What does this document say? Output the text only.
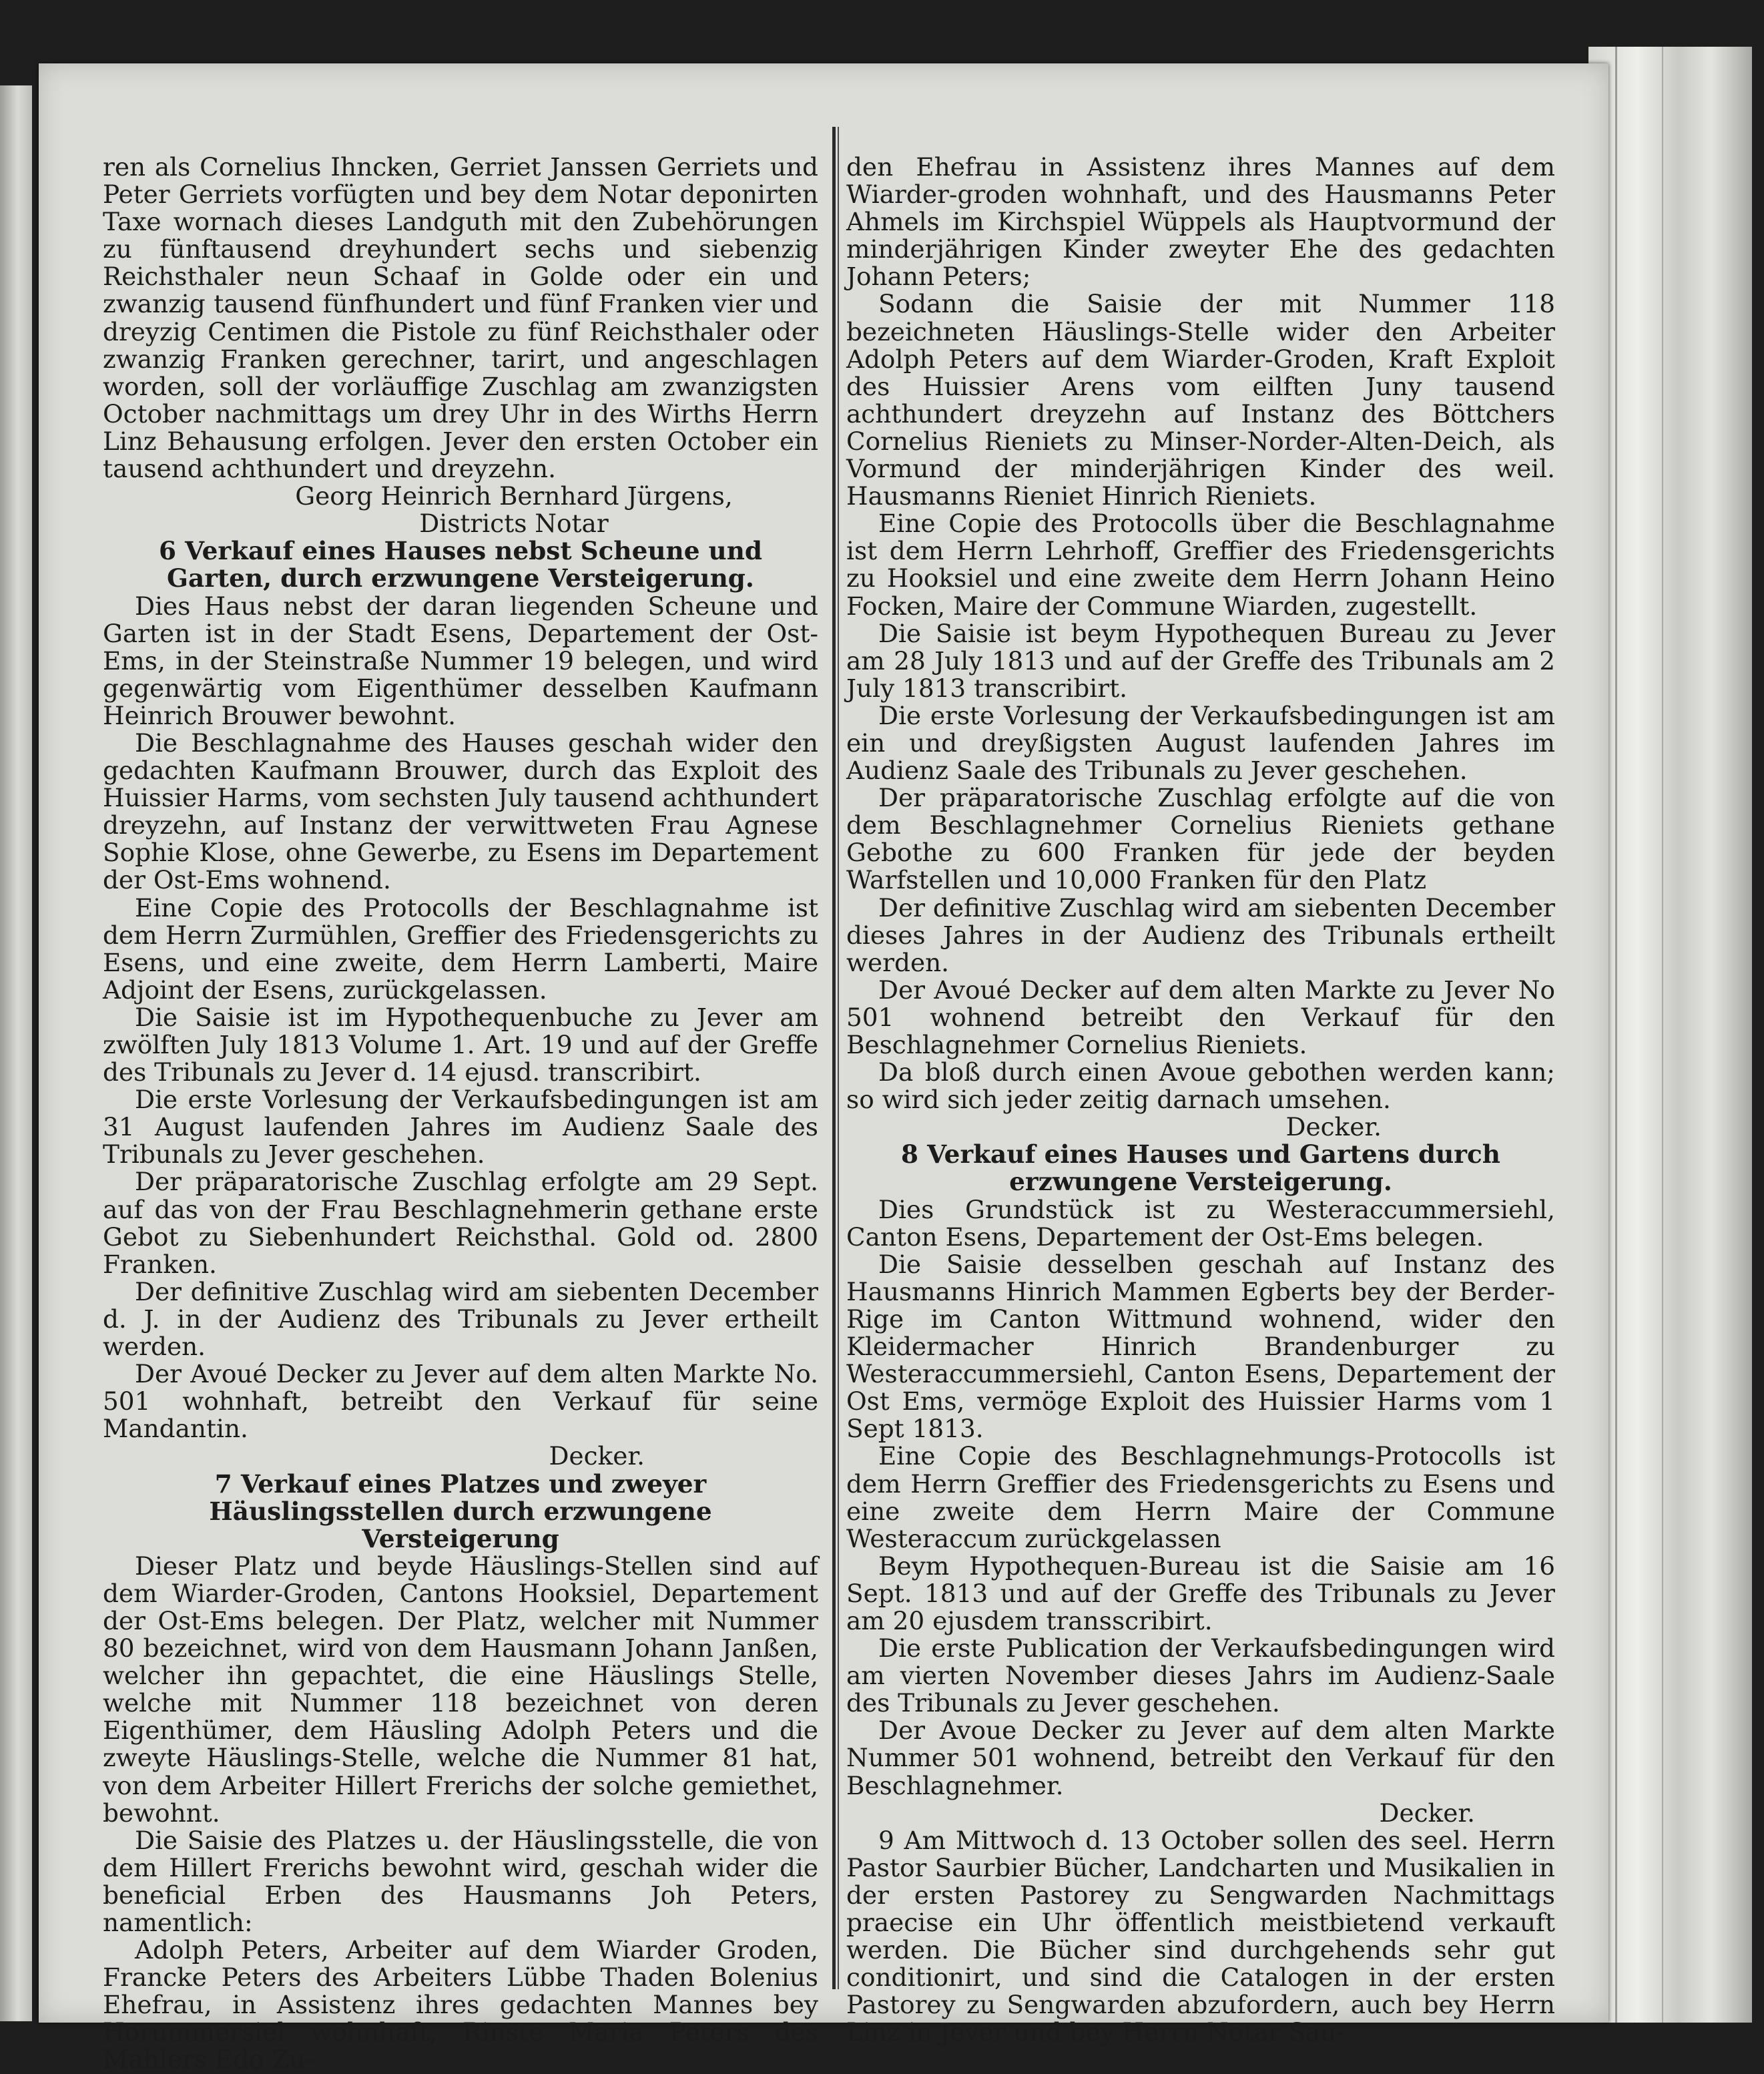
ren als Cornelius Ihncken, Gerriet Janssen Gerriets und Peter Gerriets vorfügten und bey dem Notar deponirten Taxe wornach dieses Landguth mit den Zubehörungen zu fünftausend dreyhundert sechs und siebenzig Reichsthaler neun Schaaf in Golde oder ein und zwanzig tausend fünfhundert und fünf Franken vier und dreyzig Centimen die Pistole zu fünf Reichsthaler oder zwanzig Franken gerechner, tarirt, und angeschlagen worden, soll der vorläuffige Zuschlag am zwanzigsten October nachmittags um drey Uhr in des Wirths Herrn Linz Behausung erfolgen. Jever den ersten October ein tausend achthundert und dreyzehn.

Georg Heinrich Bernhard Jürgens,

Districts Notar

6 Verkauf eines Hauses nebst Scheune und Garten, durch erzwungene Versteigerung.

Dies Haus nebst der daran liegenden Scheune und Garten ist in der Stadt Esens, Departement der Ost-Ems, in der Steinstraße Nummer 19 belegen, und wird gegenwärtig vom Eigenthümer desselben Kaufmann Heinrich Brouwer bewohnt.

Die Beschlagnahme des Hauses geschah wider den gedachten Kaufmann Brouwer, durch das Exploit des Huissier Harms, vom sechsten July tausend achthundert dreyzehn, auf Instanz der verwittweten Frau Agnese Sophie Klose, ohne Gewerbe, zu Esens im Departement der Ost-Ems wohnend.

Eine Copie des Protocolls der Beschlagnahme ist dem Herrn Zurmühlen, Greffier des Friedensgerichts zu Esens, und eine zweite, dem Herrn Lamberti, Maire Adjoint der Esens, zurückgelassen.

Die Saisie ist im Hypothequenbuche zu Jever am zwölften July 1813 Volume 1. Art. 19 und auf der Greffe des Tribunals zu Jever d. 14 ejusd. transcribirt.

Die erste Vorlesung der Verkaufsbedingungen ist am 31 August laufenden Jahres im Audienz Saale des Tribunals zu Jever geschehen.

Der präparatorische Zuschlag erfolgte am 29 Sept. auf das von der Frau Beschlagnehmerin gethane erste Gebot zu Siebenhundert Reichsthal. Gold od. 2800 Franken.

Der definitive Zuschlag wird am siebenten December d. J. in der Audienz des Tribunals zu Jever ertheilt werden.

Der Avoué Decker zu Jever auf dem alten Markte No. 501 wohnhaft, betreibt den Verkauf für seine Mandantin.

Decker.

7 Verkauf eines Platzes und zweyer Häuslingsstellen durch erzwungene Versteigerung

Dieser Platz und beyde Häuslings-Stellen sind auf dem Wiarder-Groden, Cantons Hooksiel, Departement der Ost-Ems belegen. Der Platz, welcher mit Nummer 80 bezeichnet, wird von dem Hausmann Johann Janßen, welcher ihn gepachtet, die eine Häuslings Stelle, welche mit Nummer 118 bezeichnet von deren Eigenthümer, dem Häusling Adolph Peters und die zweyte Häuslings-Stelle, welche die Nummer 81 hat, von dem Arbeiter Hillert Frerichs der solche gemiethet, bewohnt.

Die Saisie des Platzes u. der Häuslingsstelle, die von dem Hillert Frerichs bewohnt wird, geschah wider die beneficial Erben des Hausmanns Joh Peters, namentlich:

Adolph Peters, Arbeiter auf dem Wiarder Groden, Francke Peters des Arbeiters Lübbe Thaden Bolenius Ehefrau, in Assistenz ihres gedachten Mannes bey Horummersiel wohnhaft, Rinste Maria Peters des Mahlers Edo Zu-

den Ehefrau in Assistenz ihres Mannes auf dem Wiarder-groden wohnhaft, und des Hausmanns Peter Ahmels im Kirchspiel Wüppels als Hauptvormund der minderjährigen Kinder zweyter Ehe des gedachten Johann Peters;

Sodann die Saisie der mit Nummer 118 bezeichneten Häuslings-Stelle wider den Arbeiter Adolph Peters auf dem Wiarder-Groden, Kraft Exploit des Huissier Arens vom eilften Juny tausend achthundert dreyzehn auf Instanz des Böttchers Cornelius Rieniets zu Minser-Norder-Alten-Deich, als Vormund der minderjährigen Kinder des weil. Hausmanns Rieniet Hinrich Rieniets.

Eine Copie des Protocolls über die Beschlagnahme ist dem Herrn Lehrhoff, Greffier des Friedensgerichts zu Hooksiel und eine zweite dem Herrn Johann Heino Focken, Maire der Commune Wiarden, zugestellt.

Die Saisie ist beym Hypothequen Bureau zu Jever am 28 July 1813 und auf der Greffe des Tribunals am 2 July 1813 transcribirt.

Die erste Vorlesung der Verkaufsbedingungen ist am ein und dreyßigsten August laufenden Jahres im Audienz Saale des Tribunals zu Jever geschehen.

Der präparatorische Zuschlag erfolgte auf die von dem Beschlagnehmer Cornelius Rieniets gethane Gebothe zu 600 Franken für jede der beyden Warfstellen und 10,000 Franken für den Platz

Der definitive Zuschlag wird am siebenten December dieses Jahres in der Audienz des Tribunals ertheilt werden.

Der Avoué Decker auf dem alten Markte zu Jever No 501 wohnend betreibt den Verkauf für den Beschlagnehmer Cornelius Rieniets.

Da bloß durch einen Avoue gebothen werden kann; so wird sich jeder zeitig darnach umsehen.

Decker.

8 Verkauf eines Hauses und Gartens durch erzwungene Versteigerung.

Dies Grundstück ist zu Westeraccummersiehl, Canton Esens, Departement der Ost-Ems belegen.

Die Saisie desselben geschah auf Instanz des Hausmanns Hinrich Mammen Egberts bey der Berder-Rige im Canton Wittmund wohnend, wider den Kleidermacher Hinrich Brandenburger zu Westeraccummersiehl, Canton Esens, Departement der Ost Ems, vermöge Exploit des Huissier Harms vom 1 Sept 1813.

Eine Copie des Beschlagnehmungs-Protocolls ist dem Herrn Greffier des Friedensgerichts zu Esens und eine zweite dem Herrn Maire der Commune Westeraccum zurückgelassen

Beym Hypothequen-Bureau ist die Saisie am 16 Sept. 1813 und auf der Greffe des Tribunals zu Jever am 20 ejusdem transscribirt.

Die erste Publication der Verkaufsbedingungen wird am vierten November dieses Jahrs im Audienz-Saale des Tribunals zu Jever geschehen.

Der Avoue Decker zu Jever auf dem alten Markte Nummer 501 wohnend, betreibt den Verkauf für den Beschlagnehmer.

Decker.

9 Am Mittwoch d. 13 October sollen des seel. Herrn Pastor Saurbier Bücher, Landcharten und Musikalien in der ersten Pastorey zu Sengwarden Nachmittags praecise ein Uhr öffentlich meistbietend verkauft werden. Die Bücher sind durchgehends sehr gut conditionirt, und sind die Catalogen in der ersten Pastorey zu Sengwarden abzufordern, auch bey Herrn Linz in Jever und bey Herrn Notar Sau-
